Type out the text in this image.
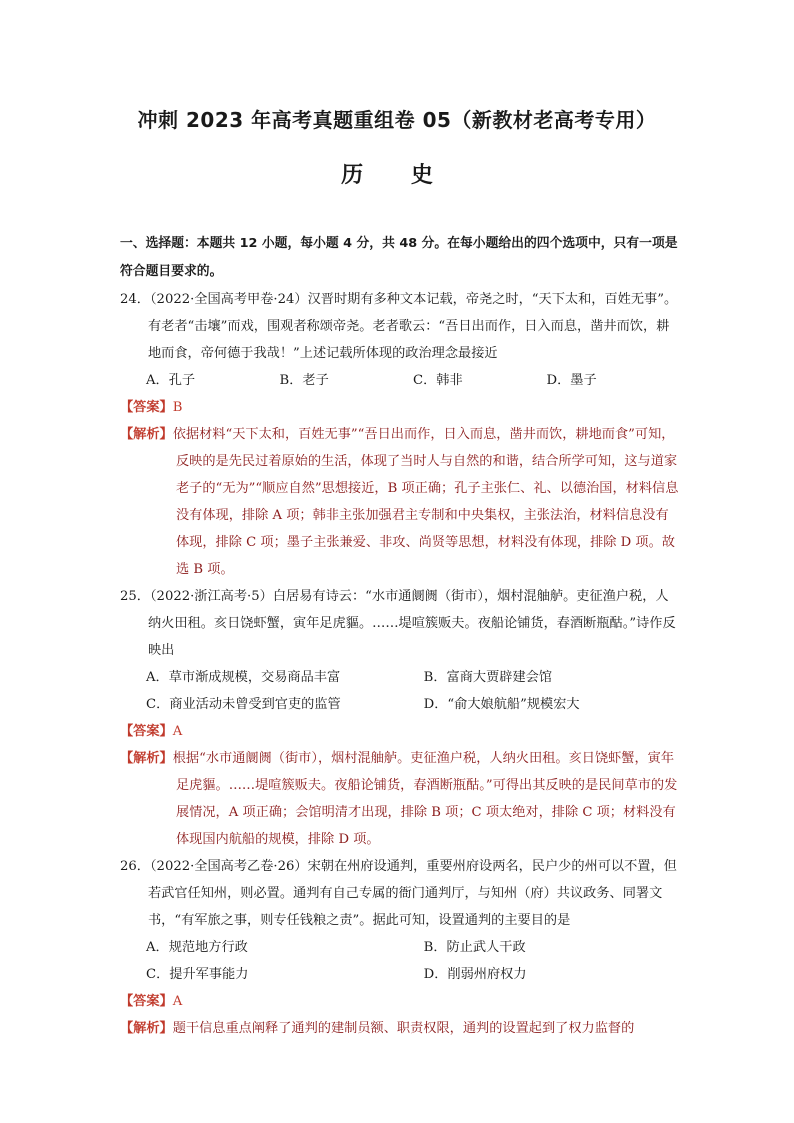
冲刺 2023 年高考真题重组卷 05（新教材老高考专用）
历 史
一、选择题：本题共 12 小题，每小题 4 分，共 48 分。在每小题给出的四个选项中，只有一项是符合题目要求的。
24．（2022·全国高考甲卷·24）汉晋时期有多种文本记载，帝尧之时，“天下太和，百姓无事”。有老者“击壤”而戏，围观者称颂帝尧。老者歌云：“吾日出而作，日入而息，凿井而饮，耕地而食，帝何德于我哉！”上述记载所体现的政治理念最接近
A．孔子	B．老子	C．韩非	D．墨子
【答案】B
【解析】依据材料“天下太和，百姓无事”“吾日出而作，日入而息，凿井而饮，耕地而食”可知，反映的是先民过着原始的生活，体现了当时人与自然的和谐，结合所学可知，这与道家老子的“无为”“顺应自然”思想接近，B 项正确；孔子主张仁、礼、以德治国，材料信息没有体现，排除 A 项；韩非主张加强君主专制和中央集权，主张法治，材料信息没有体现，排除 C 项；墨子主张兼爱、非攻、尚贤等思想，材料没有体现，排除 D 项。故选 B 项。
25．（2022·浙江高考·5）白居易有诗云：“水市通阛阓（街市），烟村混舳舻。吏征渔户税，人纳火田租。亥日饶虾蟹，寅年足虎貙。……堤喧簇贩夫。夜船论铺货，春酒断瓶酤。”诗作反映出
A．草市渐成规模，交易商品丰富	B．富商大贾辟建会馆
C．商业活动未曾受到官吏的监管	D．“俞大娘航船”规模宏大
【答案】A
【解析】根据“水市通阛阓（街市），烟村混舳舻。吏征渔户税，人纳火田租。亥日饶虾蟹，寅年足虎貙。……堤喧簇贩夫。夜船论铺货，春酒断瓶酤。”可得出其反映的是民间草市的发展情况，A 项正确；会馆明清才出现，排除 B 项；C 项太绝对，排除 C 项；材料没有体现国内航船的规模，排除 D 项。
26．（2022·全国高考乙卷·26）宋朝在州府设通判，重要州府设两名，民户少的州可以不置，但若武官任知州，则必置。通判有自己专属的衙门通判厅，与知州（府）共议政务、同署文书，“有军旅之事，则专任钱粮之责”。据此可知，设置通判的主要目的是
A．规范地方行政	B．防止武人干政
C．提升军事能力	D．削弱州府权力
【答案】A
【解析】题干信息重点阐释了通判的建制员额、职责权限，通判的设置起到了权力监督的
